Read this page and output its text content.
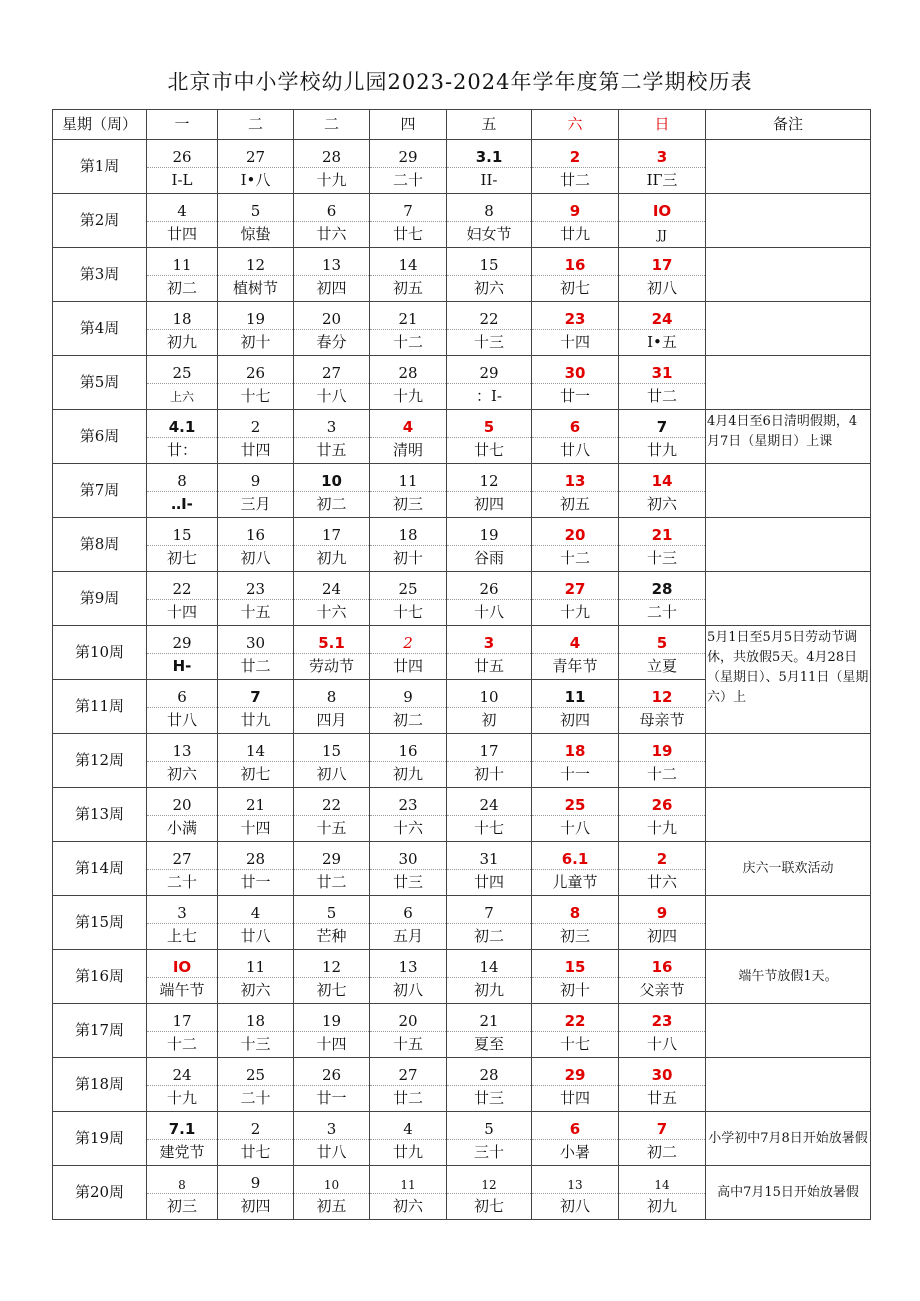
北京市中小学校幼儿园2023-2024年学年度第二学期校历表
星期（周）	一	二	二	四	五	六	日	备注
第1周	26	27	28	29	3.1	2	3	

	I-L	I•八	十九	二十	II-	廿二	IГ三	
第2周	4	5	6	7	8	9	IO	

	廿四	惊蛰	廿六	廿七	妇女节	廿九	JJ	
第3周	11	12	13	14	15	16	17	

	初二	植树节	初四	初五	初六	初七	初八	
第4周	18	19	20	21	22	23	24	

	初九	初十	春分	十二	十三	十四	I•五	
第5周	25	26	27	28	29	30	31	

	上六	十七	十八	十九	：I-	廿一	廿二	
第6周	4.1	2	3	4	5	6	7	4月4日至6日清明假期，4月7日（星期日）上课

	廿：	廿四	廿五	清明	廿七	廿八	廿九	
第7周	8	9	10	11	12	13	14	

	‥I-	三月	初二	初三	初四	初五	初六	
第8周	15	16	17	18	19	20	21	

	初七	初八	初九	初十	谷雨	十二	十三	
第9周	22	23	24	25	26	27	28	

	十四	十五	十六	十七	十八	十九	二十	
第10周	29	30	5.1	2	3	4	5	5月1日至5月5日劳动节调休，共放假5天。4月28日（星期日）、5月11日（星期六）上

	H-	廿二	劳动节	廿四	廿五	青年节	立夏	
第11周	6	7	8	9	10	11	12	
	廿八	廿九	四月	初二	初	初四	母亲节	
第12周	13	14	15	16	17	18	19	

	初六	初七	初八	初九	初十	十一	十二	
第13周	20	21	22	23	24	25	26	

	小满	十四	十五	十六	十七	十八	十九	
第14周	27	28	29	30	31	6.1	2	庆六一联欢活动

	二十	廿一	廿二	廿三	廿四	儿童节	廿六	
第15周	3	4	5	6	7	8	9	

	上七	廿八	芒种	五月	初二	初三	初四	
第16周	IO	11	12	13	14	15	16	端午节放假1天。

	端午节	初六	初七	初八	初九	初十	父亲节	
第17周	17	18	19	20	21	22	23	

	十二	十三	十四	十五	夏至	十七	十八	
第18周	24	25	26	27	28	29	30	

	十九	二十	廿一	廿二	廿三	廿四	廿五	
第19周	7.1	2	3	4	5	6	7	小学初中7月8日开始放暑假

	建党节	廿七	廿八	廿九	三十	小暑	初二	
第20周	8	9	10	11	12	13	14	高中7月15日开始放暑假

	初三	初四	初五	初六	初七	初八	初九	
